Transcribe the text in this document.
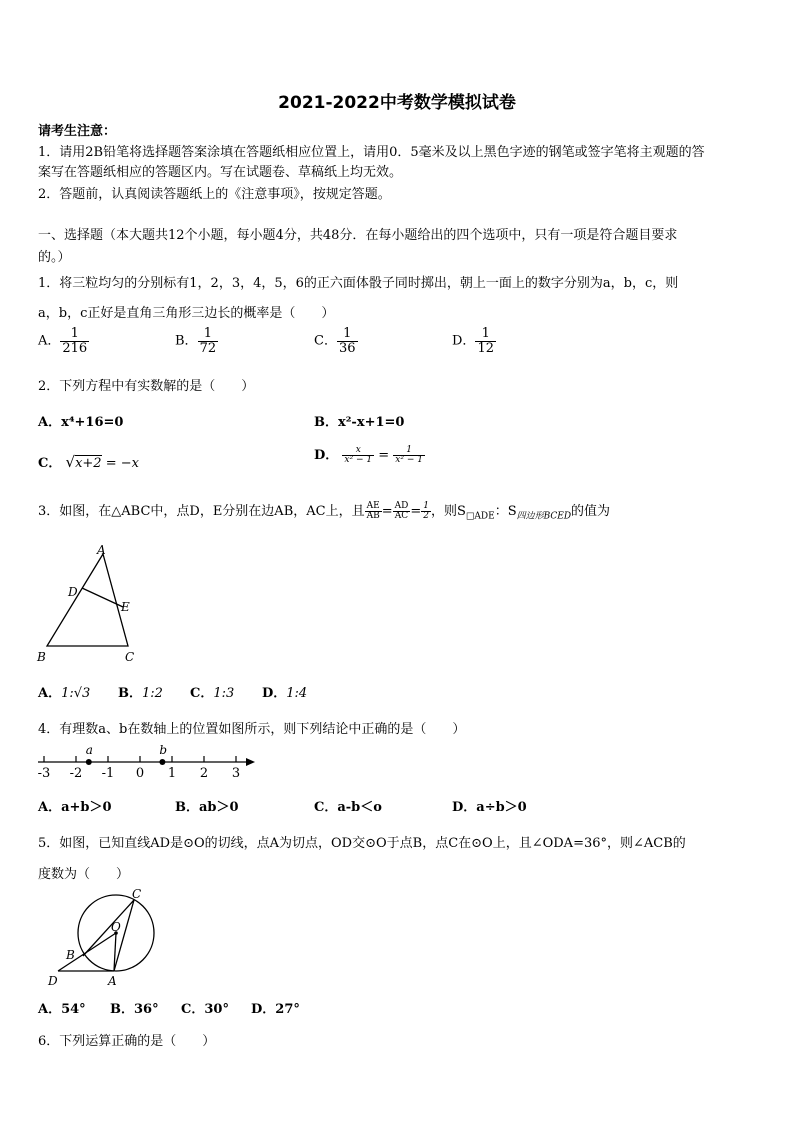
2021-2022中考数学模拟试卷
请考生注意：
1．请用2B铅笔将选择题答案涂填在答题纸相应位置上，请用0．5毫米及以上黑色字迹的钢笔或签字笔将主观题的答
案写在答题纸相应的答题区内。写在试题卷、草稿纸上均无效。
2．答题前，认真阅读答题纸上的《注意事项》，按规定答题。
一、选择题（本大题共12个小题，每小题4分，共48分．在每小题给出的四个选项中，只有一项是符合题目要求
的。）
1．将三粒均匀的分别标有1，2，3，4，5，6的正六面体骰子同时掷出，朝上一面上的数字分别为a，b，c，则
a，b，c正好是直角三角形三边长的概率是（　　）
A． $\frac{1}{216}$	B． $\frac{1}{72}$	C． $\frac{1}{36}$	D． $\frac{1}{12}$
2．下列方程中有实数解的是（　　）
A．x⁴+16=0	B．x²-x+1=0
C． √x+2 = −x
D． $\frac{x}{\text{x² − 1}} = \frac{1}{\text{x² − 1}}$
3．如图，在△ABC中，点D，E分别在边AB，AC上，且 $\frac{AE}{AB} = \frac{AD}{AC} = \frac{1}{2}$ ，则$S_{□ADE}$：$S_{四边形BCED}$的值为
A
D
E
B	C
A．1:√3 B．1:2 C．1:3 D．1:4
4．有理数a、b在数轴上的位置如图所示，则下列结论中正确的是（　　）
-3 -2 -1 0 1 2 3
a	b
A．a+b＞0	B．ab＞0	C．a-b＜o	D．a÷b＞0
5．如图，已知直线AD是⊙O的切线，点A为切点，OD交⊙O于点B，点C在⊙O上，且∠ODA=36°，则∠ACB的
度数为（　　）
C
O
B
D	A
A．54° B．36° C．30° D．27°
6．下列运算正确的是（　　）
